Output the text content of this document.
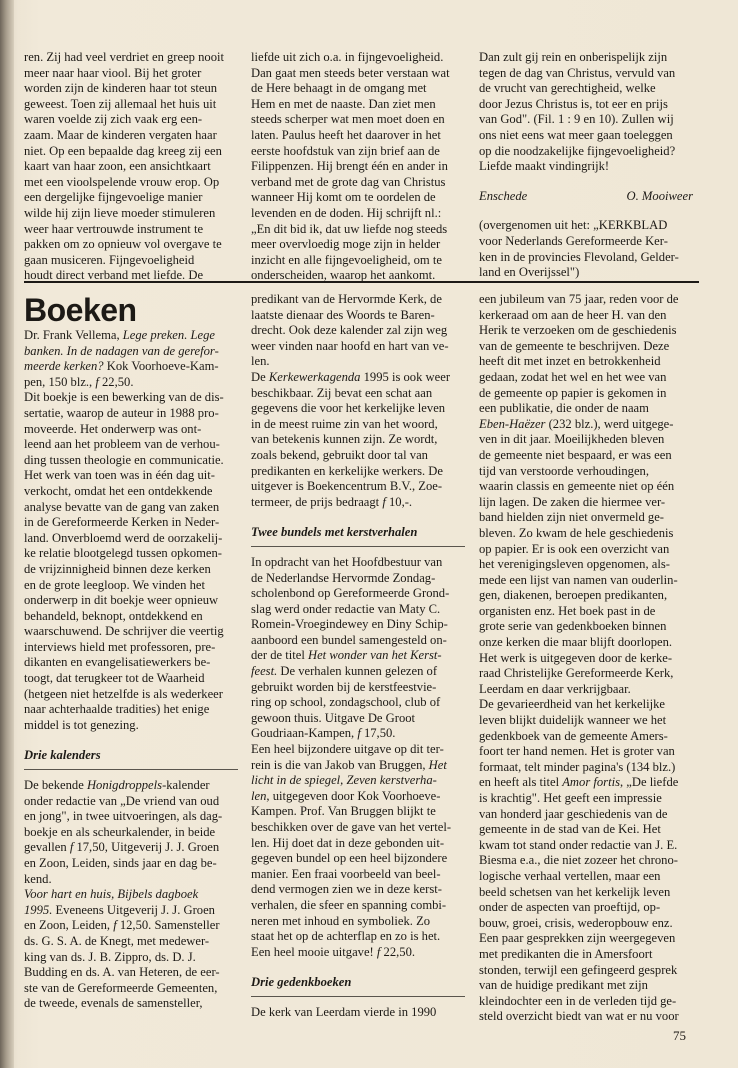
ren. Zij had veel verdriet en greep nooit
meer naar haar viool. Bij het groter
worden zijn de kinderen haar tot steun
geweest. Toen zij allemaal het huis uit
waren voelde zij zich vaak erg een-
zaam. Maar de kinderen vergaten haar
niet. Op een bepaalde dag kreeg zij een
kaart van haar zoon, een ansichtkaart
met een vioolspelende vrouw erop. Op
een dergelijke fijngevoelige manier
wilde hij zijn lieve moeder stimuleren
weer haar vertrouwde instrument te
pakken om zo opnieuw vol overgave te
gaan musiceren. Fijngevoeligheid
houdt direct verband met liefde. De
liefde uit zich o.a. in fijngevoeligheid.
Dan gaat men steeds beter verstaan wat
de Here behaagt in de omgang met
Hem en met de naaste. Dan ziet men
steeds scherper wat men moet doen en
laten. Paulus heeft het daarover in het
eerste hoofdstuk van zijn brief aan de
Filippenzen. Hij brengt één en ander in
verband met de grote dag van Christus
wanneer Hij komt om te oordelen de
levenden en de doden. Hij schrijft nl.:
„En dit bid ik, dat uw liefde nog steeds
meer overvloedig moge zijn in helder
inzicht en alle fijngevoeligheid, om te
onderscheiden, waarop het aankomt.
Dan zult gij rein en onberispelijk zijn
tegen de dag van Christus, vervuld van
de vrucht van gerechtigheid, welke
door Jezus Christus is, tot eer en prijs
van God". (Fil. 1 : 9 en 10). Zullen wij
ons niet eens wat meer gaan toeleggen
op die noodzakelijke fijngevoeligheid?
Liefde maakt vindingrijk!

Enschede	O. Mooiweer

(overgenomen uit het: „KERKBLAD
voor Nederlands Gereformeerde Ker-
ken in de provincies Flevoland, Gelder-
land en Overijssel")

Boeken

Dr. Frank Vellema, Lege preken. Lege
banken. In de nadagen van de gerefor-
meerde kerken? Kok Voorhoeve-Kam-
pen, 150 blz., f 22,50.
Dit boekje is een bewerking van de dis-
sertatie, waarop de auteur in 1988 pro-
moveerde. Het onderwerp was ont-
leend aan het probleem van de verhou-
ding tussen theologie en communicatie.
Het werk van toen was in één dag uit-
verkocht, omdat het een ontdekkende
analyse bevatte van de gang van zaken
in de Gereformeerde Kerken in Neder-
land. Onverbloemd werd de oorzakelij-
ke relatie blootgelegd tussen opkomen-
de vrijzinnigheid binnen deze kerken
en de grote leegloop. We vinden het
onderwerp in dit boekje weer opnieuw
behandeld, beknopt, ontdekkend en
waarschuwend. De schrijver die veertig
interviews hield met professoren, pre-
dikanten en evangelisatiewerkers be-
toogt, dat terugkeer tot de Waarheid
(hetgeen niet hetzelfde is als wederkeer
naar achterhaalde tradities) het enige
middel is tot genezing.

Drie kalenders

De bekende Honigdroppels-kalender
onder redactie van „De vriend van oud
en jong", in twee uitvoeringen, als dag-
boekje en als scheurkalender, in beide
gevallen f 17,50, Uitgeverij J. J. Groen
en Zoon, Leiden, sinds jaar en dag be-
kend.
Voor hart en huis, Bijbels dagboek
1995. Eveneens Uitgeverij J. J. Groen
en Zoon, Leiden, f 12,50. Samensteller
ds. G. S. A. de Knegt, met medewer-
king van ds. J. B. Zippro, ds. D. J.
Budding en ds. A. van Heteren, de eer-
ste van de Gereformeerde Gemeenten,
de tweede, evenals de samensteller,
predikant van de Hervormde Kerk, de
laatste dienaar des Woords te Baren-
drecht. Ook deze kalender zal zijn weg
weer vinden naar hoofd en hart van ve-
len.
De Kerkewerkagenda 1995 is ook weer
beschikbaar. Zij bevat een schat aan
gegevens die voor het kerkelijke leven
in de meest ruime zin van het woord,
van betekenis kunnen zijn. Ze wordt,
zoals bekend, gebruikt door tal van
predikanten en kerkelijke werkers. De
uitgever is Boekencentrum B.V., Zoe-
termeer, de prijs bedraagt f 10,-.

Twee bundels met kerstverhalen

In opdracht van het Hoofdbestuur van
de Nederlandse Hervormde Zondag-
scholenbond op Gereformeerde Grond-
slag werd onder redactie van Maty C.
Romein-Vroegindewey en Diny Schip-
aanboord een bundel samengesteld on-
der de titel Het wonder van het Kerst-
feest. De verhalen kunnen gelezen of
gebruikt worden bij de kerstfeestvie-
ring op school, zondagschool, club of
gewoon thuis. Uitgave De Groot
Goudriaan-Kampen, f 17,50.
Een heel bijzondere uitgave op dit ter-
rein is die van Jakob van Bruggen, Het
licht in de spiegel, Zeven kerstverha-
len, uitgegeven door Kok Voorhoeve-
Kampen. Prof. Van Bruggen blijkt te
beschikken over de gave van het vertel-
len. Hij doet dat in deze gebonden uit-
gegeven bundel op een heel bijzondere
manier. Een fraai voorbeeld van beel-
dend vermogen zien we in deze kerst-
verhalen, die sfeer en spanning combi-
neren met inhoud en symboliek. Zo
staat het op de achterflap en zo is het.
Een heel mooie uitgave! f 22,50.

Drie gedenkboeken

De kerk van Leerdam vierde in 1990
een jubileum van 75 jaar, reden voor de
kerkeraad om aan de heer H. van den
Herik te verzoeken om de geschiedenis
van de gemeente te beschrijven. Deze
heeft dit met inzet en betrokkenheid
gedaan, zodat het wel en het wee van
de gemeente op papier is gekomen in
een publikatie, die onder de naam
Eben-Haëzer (232 blz.), werd uitgege-
ven in dit jaar. Moeilijkheden bleven
de gemeente niet bespaard, er was een
tijd van verstoorde verhoudingen,
waarin classis en gemeente niet op één
lijn lagen. De zaken die hiermee ver-
band hielden zijn niet onvermeld ge-
bleven. Zo kwam de hele geschiedenis
op papier. Er is ook een overzicht van
het verenigingsleven opgenomen, als-
mede een lijst van namen van ouderlin-
gen, diakenen, beroepen predikanten,
organisten enz. Het boek past in de
grote serie van gedenkboeken binnen
onze kerken die maar blijft doorlopen.
Het werk is uitgegeven door de kerke-
raad Christelijke Gereformeerde Kerk,
Leerdam en daar verkrijgbaar.
De gevarieerdheid van het kerkelijke
leven blijkt duidelijk wanneer we het
gedenkboek van de gemeente Amers-
foort ter hand nemen. Het is groter van
formaat, telt minder pagina's (134 blz.)
en heeft als titel Amor fortis, „De liefde
is krachtig". Het geeft een impressie
van honderd jaar geschiedenis van de
gemeente in de stad van de Kei. Het
kwam tot stand onder redactie van J. E.
Biesma e.a., die niet zozeer het chrono-
logische verhaal vertellen, maar een
beeld schetsen van het kerkelijk leven
onder de aspecten van proeftijd, op-
bouw, groei, crisis, wederopbouw enz.
Een paar gesprekken zijn weergegeven
met predikanten die in Amersfoort
stonden, terwijl een gefingeerd gesprek
van de huidige predikant met zijn
kleindochter een in de verleden tijd ge-
steld overzicht biedt van wat er nu voor
75
